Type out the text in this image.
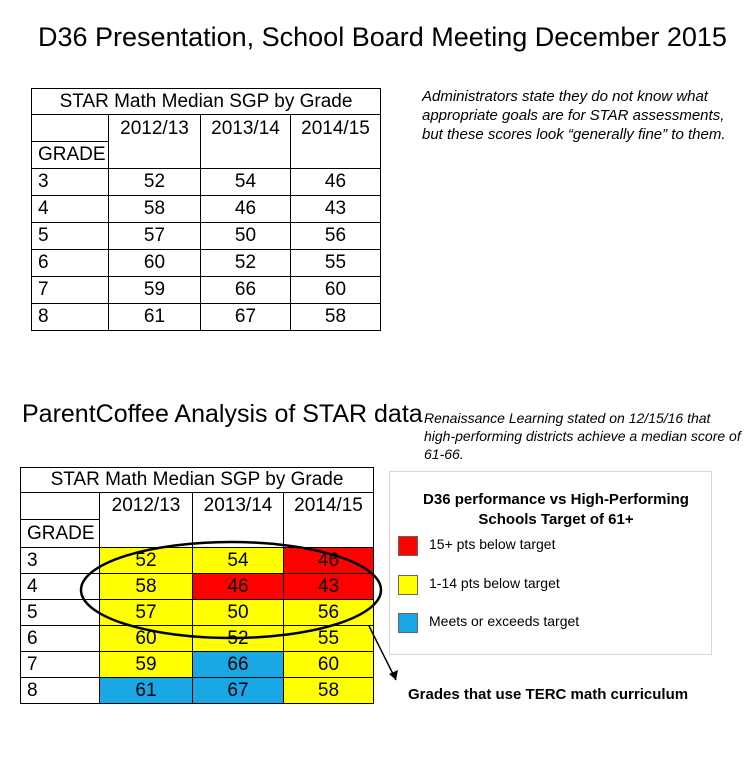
D36 Presentation, School Board Meeting December 2015
Administrators state they do not know what appropriate goals are for STAR assessments, but these scores look “generally fine” to them.
STAR Math Median SGP by Grade			
	2012/13	2013/14	2014/15
GRADE			
3	52	54	46
4	58	46	43
5	57	50	56
6	60	52	55
7	59	66	60
8	61	67	58
ParentCoffee Analysis of STAR data Renaissance Learning stated on 12/15/16 that high-performing districts achieve a median score of 61-66.
STAR Math Median SGP by Grade			
	2012/13	2013/14	2014/15
GRADE			
3	52	54	46
4	58	46	43
5	57	50	56
6	60	52	55
7	59	66	60
8	61	67	58
D36 performance vs High-Performing Schools Target of 61+
15+ pts below target
1-14 pts below target
Meets or exceeds target
Grades that use TERC math curriculum
